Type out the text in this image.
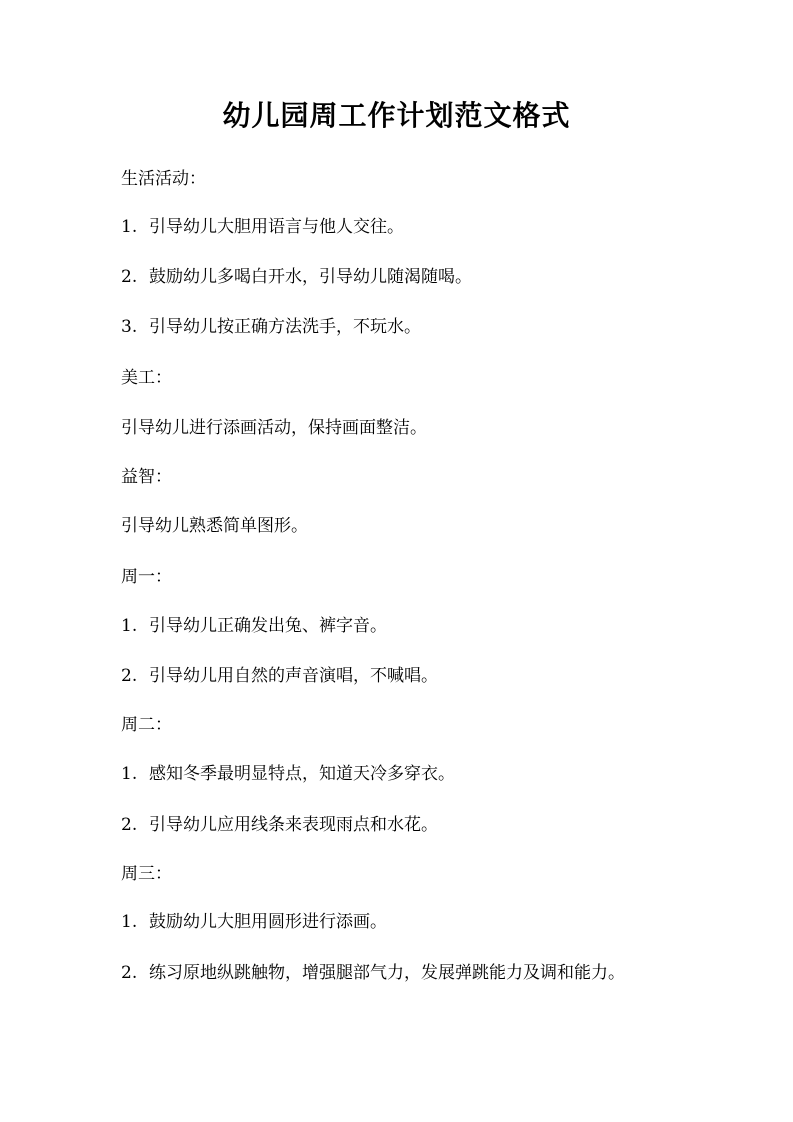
幼儿园周工作计划范文格式

生活活动：

1. 引导幼儿大胆用语言与他人交往。

2. 鼓励幼儿多喝白开水，引导幼儿随渴随喝。

3. 引导幼儿按正确方法洗手，不玩水。

美工：

引导幼儿进行添画活动，保持画面整洁。

益智：

引导幼儿熟悉简单图形。

周一：

1. 引导幼儿正确发出兔、裤字音。

2. 引导幼儿用自然的声音演唱，不喊唱。

周二：

1. 感知冬季最明显特点，知道天冷多穿衣。

2. 引导幼儿应用线条来表现雨点和水花。

周三：

1. 鼓励幼儿大胆用圆形进行添画。

2. 练习原地纵跳触物，增强腿部气力，发展弹跳能力及调和能力。
